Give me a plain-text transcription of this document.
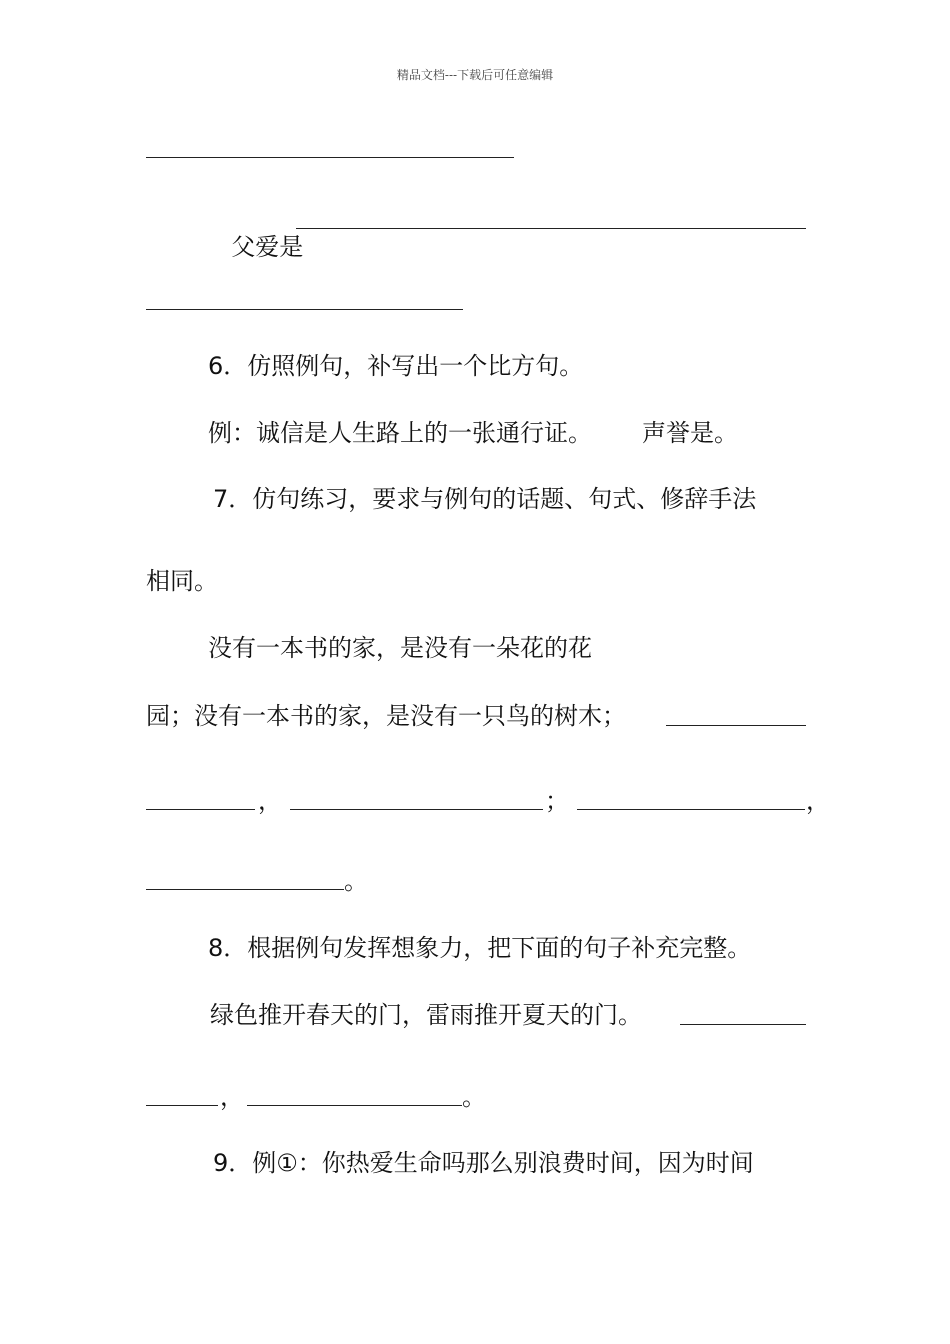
精品文档---下载后可任意编辑

父爱是

6．仿照例句，补写出一个比方句。
例：诚信是人生路上的一张通行证。 声誉是。
7．仿句练习，要求与例句的话题、句式、修辞手法
相同。
没有一本书的家，是没有一朵花的花
园；没有一本书的家，是没有一只鸟的树木；
，	；	，
。
8．根据例句发挥想象力，把下面的句子补充完整。
绿色推开春天的门，雷雨推开夏天的门。
，	。
9．例①：你热爱生命吗那么别浪费时间，因为时间
